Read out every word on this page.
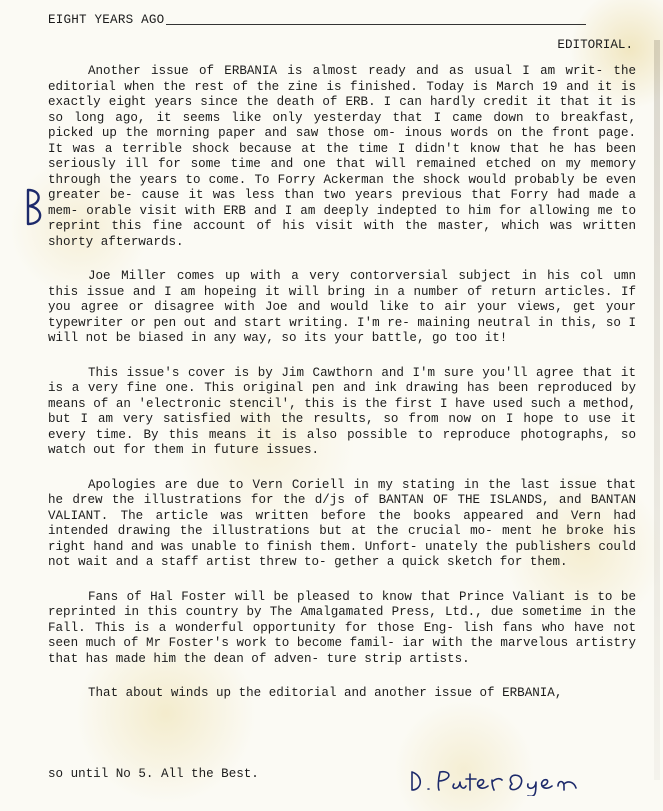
EIGHT YEARS AGO
EDITORIAL.

Another issue of ERBANIA is almost ready and as usual I am writ- the editorial when the rest of the zine is finished. Today is March 19 and it is exactly eight years since the death of ERB. I can hardly credit it that it is so long ago, it seems like only yesterday that I came down to breakfast, picked up the morning paper and saw those om- inous words on the front page. It was a terrible shock because at the time I didn't know that he has been seriously ill for some time and one that will remained etched on my memory through the years to come. To Forry Ackerman the shock would probably be even greater be- cause it was less than two years previous that Forry had made a mem- orable visit with ERB and I am deeply indepted to him for allowing me to reprint this fine account of his visit with the master, which was written shorty afterwards.

Joe Miller comes up with a very contorversial subject in his col umn this issue and I am hopeing it will bring in a number of return articles. If you agree or disagree with Joe and would like to air your views, get your typewriter or pen out and start writing. I'm re- maining neutral in this, so I will not be biased in any way, so its your battle, go too it!

This issue's cover is by Jim Cawthorn and I'm sure you'll agree that it is a very fine one. This original pen and ink drawing has been reproduced by means of an 'electronic stencil', this is the first I have used such a method, but I am very satisfied with the results, so from now on I hope to use it every time. By this means it is also possible to reproduce photographs, so watch out for them in future issues.

Apologies are due to Vern Coriell in my stating in the last issue that he drew the illustrations for the d/js of BANTAN OF THE ISLANDS, and BANTAN VALIANT. The article was written before the books appeared and Vern had intended drawing the illustrations but at the crucial mo- ment he broke his right hand and was unable to finish them. Unfort- unately the publishers could not wait and a staff artist threw to- gether a quick sketch for them.

Fans of Hal Foster will be pleased to know that Prince Valiant is to be reprinted in this country by The Amalgamated Press, Ltd., due sometime in the Fall. This is a wonderful opportunity for those Eng- lish fans who have not seen much of Mr Foster's work to become famil- iar with the marvelous artistry that has made him the dean of adven- ture strip artists.

That about winds up the editorial and another issue of ERBANIA,

so until No 5. All the Best.
